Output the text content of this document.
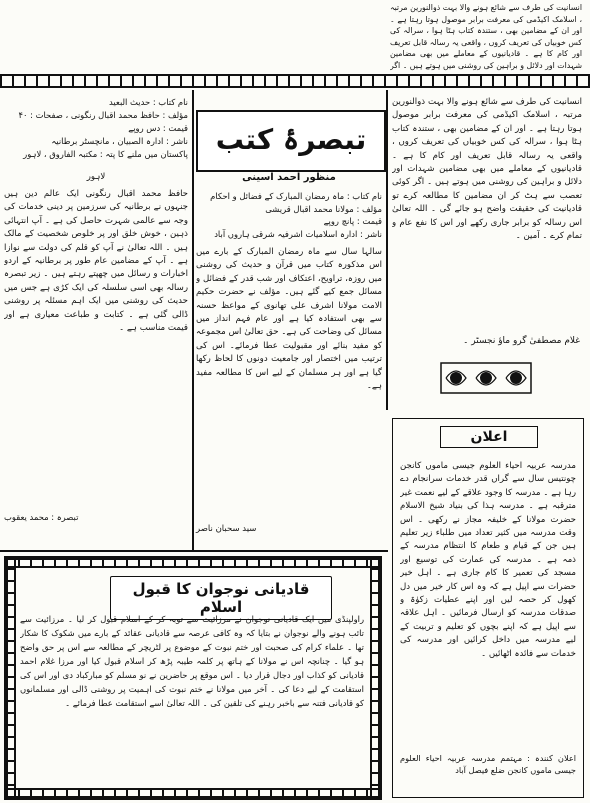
انسانیت کی طرف سے شائع ہونے والا بہت ذوالنورین مرتبہ ، اسلامک اکیڈمی کی معرفت برابر موصول ہوتا رہتا ہے ۔ اور ان کے مضامین بھی ، ستندہ کتاب ہٹا ہوا ، سرالہ کی کس خوبیاں کی تعریف کروں ، واقعی یہ رسالہ قابل تعریف اور کام کا ہے ۔ قادیانیوں کے معاملے میں بھی مضامین شہدات اور دلائل و براہین کی روشنی میں ہوتے ہیں ۔ اگر
انسانیت کی طرف سے شائع ہونے والا بہت ذوالنورین مرتبہ ، اسلامک اکیڈمی کی معرفت برابر موصول ہوتا رہتا ہے ۔ اور ان کے مضامین بھی ، ستندہ کتاب ہٹا ہوا ، سرالہ کی کس خوبیاں کی تعریف کروں ، واقعی یہ رسالہ قابل تعریف اور کام کا ہے ۔ قادیانیوں کے معاملے میں بھی مضامین شہدات اور دلائل و براہین کی روشنی میں ہوتے ہیں ۔ اگر کوئی تعصب سے ہٹ کر ان مضامین کا مطالعہ کرے تو قادیانیت کی حقیقت واضح ہو جائے گی ۔ اللہ تعالیٰ اس رسالہ کو برابر جاری رکھے اور اس کا نفع عام و تمام کرے ۔ آمین ۔
غلام مصطفیٰ گرو ماؤ نجسٹر ۔
تبصرۂ کتب
منظور احمد آسینی
نام کتاب : ماہ رمضان المبارک کے فضائل و احکام
مؤلف : مولانا محمد اقبال قریشی
قیمت : پانچ روپے
ناشر : ادارہ اسلامیات اشرفیہ شرقی ہاروں آباد
سالہا سال سے ماہ رمضان المبارک کے بارے میں اس مذکورہ کتاب میں قرآن و حدیث کی روشنی میں روزہ، تراویح، اعتکاف اور شب قدر کے فضائل و مسائل جمع کیے گئے ہیں۔ مؤلف نے حضرت حکیم الامت مولانا اشرف علی تھانوی کے مواعظ حسنہ سے بھی استفادہ کیا ہے اور عام فہم انداز میں مسائل کی وضاحت کی ہے۔ حق تعالیٰ اس مجموعہ کو مفید بنائے اور مقبولیت عطا فرمائے۔ اس کی ترتیب میں اختصار اور جامعیت دونوں کا لحاظ رکھا گیا ہے اور ہر مسلمان کے لیے اس کا مطالعہ مفید ہے۔
سید سحبان ناصر
نام کتاب : حدیث البعید
مؤلف : حافظ محمد اقبال رنگونی ، صفحات : ۴۰
قیمت : دس روپے
ناشر : ادارہ الصبیان ، مانچسٹر برطانیہ
پاکستان میں ملنے کا پتہ : مکتبہ الفاروق ، لاہور
لاہور
حافظ محمد اقبال رنگونی ایک عالم دین ہیں جنہوں نے برطانیہ کی سرزمین پر دینی خدمات کی وجہ سے عالمی شہرت حاصل کی ہے ۔ آپ انتہائی ذہین ، خوش خلق اور پر خلوص شخصیت کے مالک ہیں ۔ اللہ تعالیٰ نے آپ کو قلم کی دولت سے نوازا ہے ۔ آپ کے مضامین عام طور پر برطانیہ کے اردو اخبارات و رسائل میں چھپتے رہتے ہیں ۔ زیر تبصرہ رسالہ بھی اسی سلسلہ کی ایک کڑی ہے جس میں حدیث کی روشنی میں ایک اہم مسئلہ پر روشنی ڈالی گئی ہے ۔ کتابت و طباعت معیاری ہے اور قیمت مناسب ہے ۔
تبصرہ : محمد یعقوب
قادیانی نوجوان کا قبول اسلام
راولپنڈی میں ایک قادیانی نوجوان نے مرزائیت سے توبہ کر کے اسلام قبول کر لیا ۔ مرزائیت سے تائب ہونے والے نوجوان نے بتایا کہ وہ کافی عرصہ سے قادیانی عقائد کے بارے میں شکوک کا شکار تھا ۔ علماء کرام کی صحبت اور ختم نبوت کے موضوع پر لٹریچر کے مطالعہ سے اس پر حق واضح ہو گیا ۔ چنانچہ اس نے مولانا کے ہاتھ پر کلمہ طیبہ پڑھ کر اسلام قبول کیا اور مرزا غلام احمد قادیانی کو کذاب اور دجال قرار دیا ۔ اس موقع پر حاضرین نے نو مسلم کو مبارکباد دی اور اس کی استقامت کے لیے دعا کی ۔ آخر میں مولانا نے ختم نبوت کی اہمیت پر روشنی ڈالی اور مسلمانوں کو قادیانی فتنہ سے باخبر رہنے کی تلقین کی ۔ اللہ تعالیٰ اسے استقامت عطا فرمائے ۔
اعلان
مدرسہ عربیہ احیاء العلوم جیسی ماموں کانجن چونتیس سال سے گراں قدر خدمات سرانجام دے رہا ہے ۔ مدرسہ کا وجود علاقے کے لیے نعمت غیر مترقبہ ہے ۔ مدرسہ ہذا کی بنیاد شیخ الاسلام حضرت مولانا کے خلیفہ مجاز نے رکھی ۔ اس وقت مدرسہ میں کثیر تعداد میں طلباء زیر تعلیم ہیں جن کے قیام و طعام کا انتظام مدرسہ کے ذمہ ہے ۔ مدرسہ کی عمارت کی توسیع اور مسجد کی تعمیر کا کام جاری ہے ۔ اہل خیر حضرات سے اپیل ہے کہ وہ اس کار خیر میں دل کھول کر حصہ لیں اور اپنے عطیات زکوٰۃ و صدقات مدرسہ کو ارسال فرمائیں ۔ اہل علاقہ سے اپیل ہے کہ اپنے بچوں کو تعلیم و تربیت کے لیے مدرسہ میں داخل کرائیں اور مدرسہ کی خدمات سے فائدہ اٹھائیں ۔
اعلان کنندہ : مہتمم مدرسہ عربیہ احیاء العلوم جیسی ماموں کانجن ضلع فیصل آباد
